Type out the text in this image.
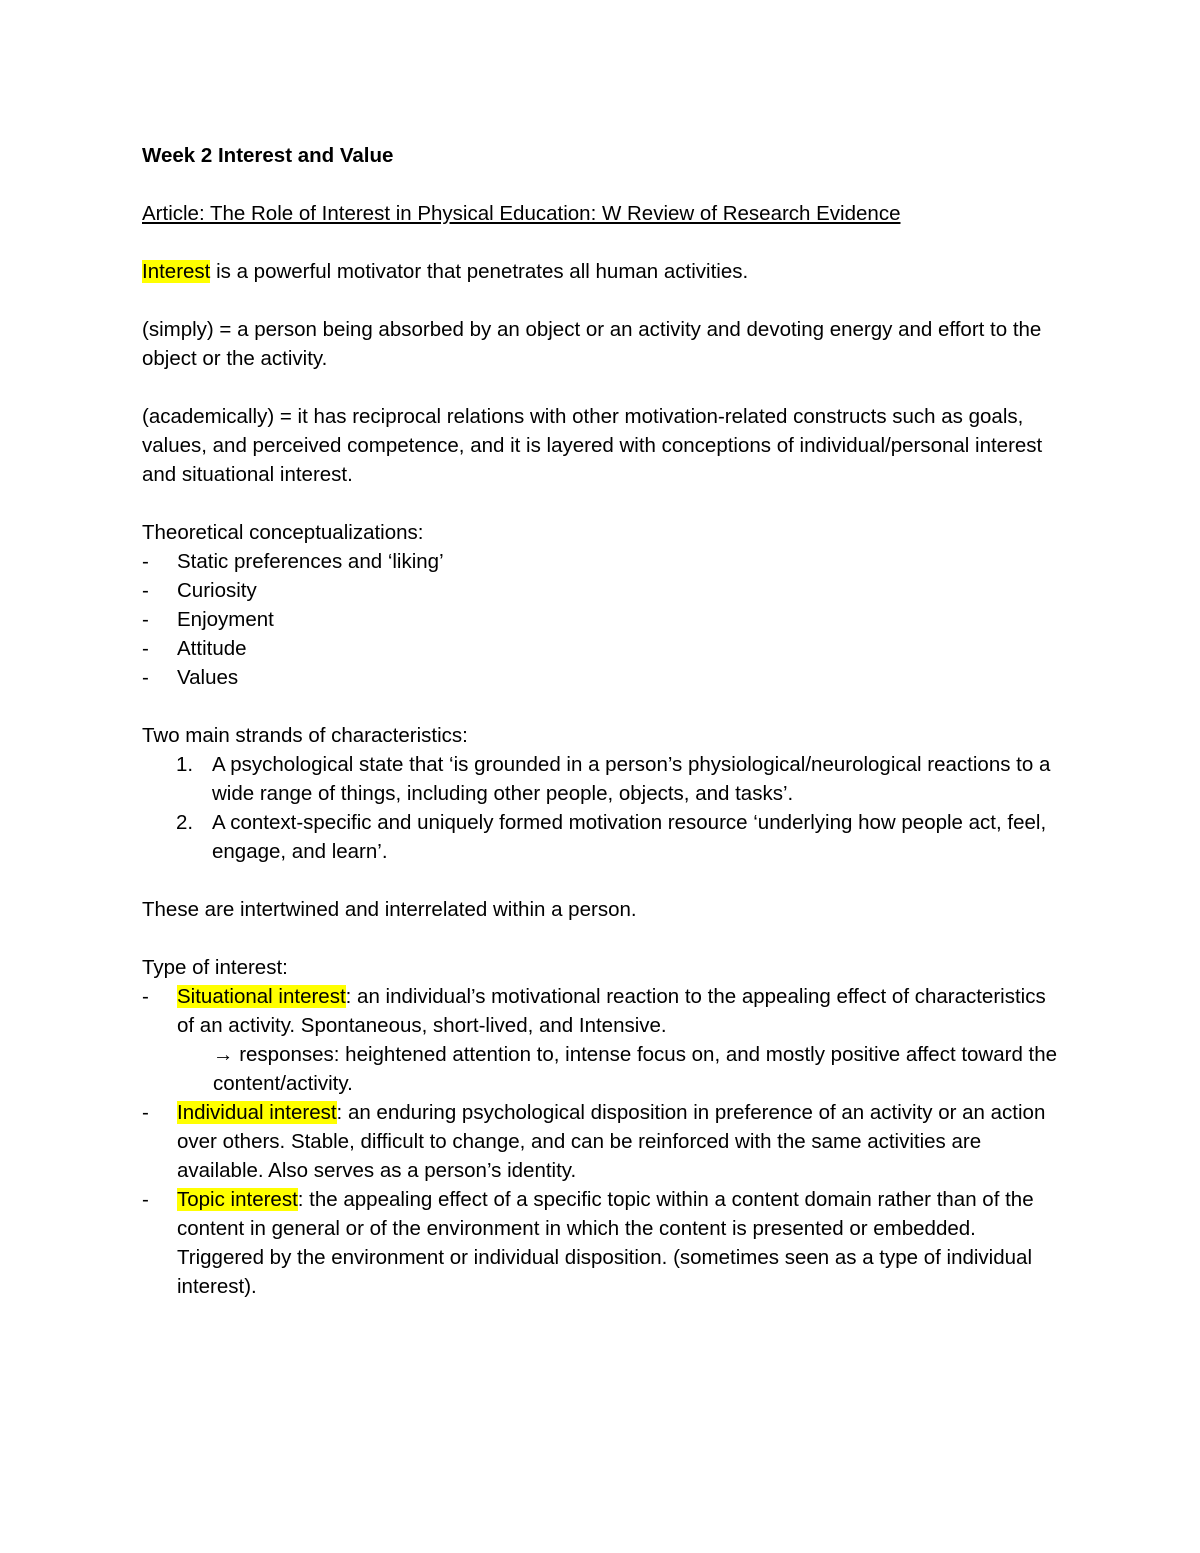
Week 2 Interest and Value

Article: The Role of Interest in Physical Education: W Review of Research Evidence

Interest is a powerful motivator that penetrates all human activities.

(simply) = a person being absorbed by an object or an activity and devoting energy and effort to the object or the activity.

(academically) = it has reciprocal relations with other motivation-related constructs such as goals, values, and perceived competence, and it is layered with conceptions of individual/personal interest and situational interest.

Theoretical conceptualizations:

- Static preferences and ‘liking’
- Curiosity
- Enjoyment
- Attitude
- Values

Two main strands of characteristics:

1. A psychological state that ‘is grounded in a person’s physiological/neurological reactions to a wide range of things, including other people, objects, and tasks’.
2. A context-specific and uniquely formed motivation resource ‘underlying how people act, feel, engage, and learn’.

These are intertwined and interrelated within a person.

Type of interest:

- Situational interest: an individual’s motivational reaction to the appealing effect of characteristics of an activity. Spontaneous, short-lived, and Intensive.
→ responses: heightened attention to, intense focus on, and mostly positive affect toward the content/activity.
- Individual interest: an enduring psychological disposition in preference of an activity or an action over others. Stable, difficult to change, and can be reinforced with the same activities are available. Also serves as a person’s identity.
- Topic interest: the appealing effect of a specific topic within a content domain rather than of the content in general or of the environment in which the content is presented or embedded. Triggered by the environment or individual disposition. (sometimes seen as a type of individual interest).
